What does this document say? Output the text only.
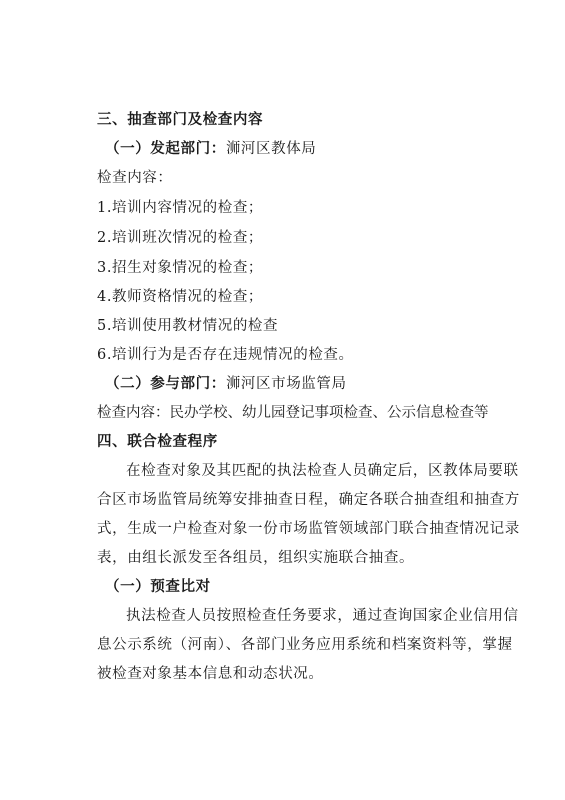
三、抽查部门及检查内容
（一）发起部门：浉河区教体局
检查内容：
1.培训内容情况的检查；
2.培训班次情况的检查；
3.招生对象情况的检查；
4.教师资格情况的检查；
5.培训使用教材情况的检查
6.培训行为是否存在违规情况的检查。
（二）参与部门：浉河区市场监管局
检查内容：民办学校、幼儿园登记事项检查、公示信息检查等
四、联合检查程序
在检查对象及其匹配的执法检查人员确定后，区教体局要联
合区市场监管局统筹安排抽查日程，确定各联合抽查组和抽查方
式，生成一户检查对象一份市场监管领域部门联合抽查情况记录
表，由组长派发至各组员，组织实施联合抽查。
（一）预查比对
执法检查人员按照检查任务要求，通过查询国家企业信用信
息公示系统（河南）、各部门业务应用系统和档案资料等，掌握
被检查对象基本信息和动态状况。
